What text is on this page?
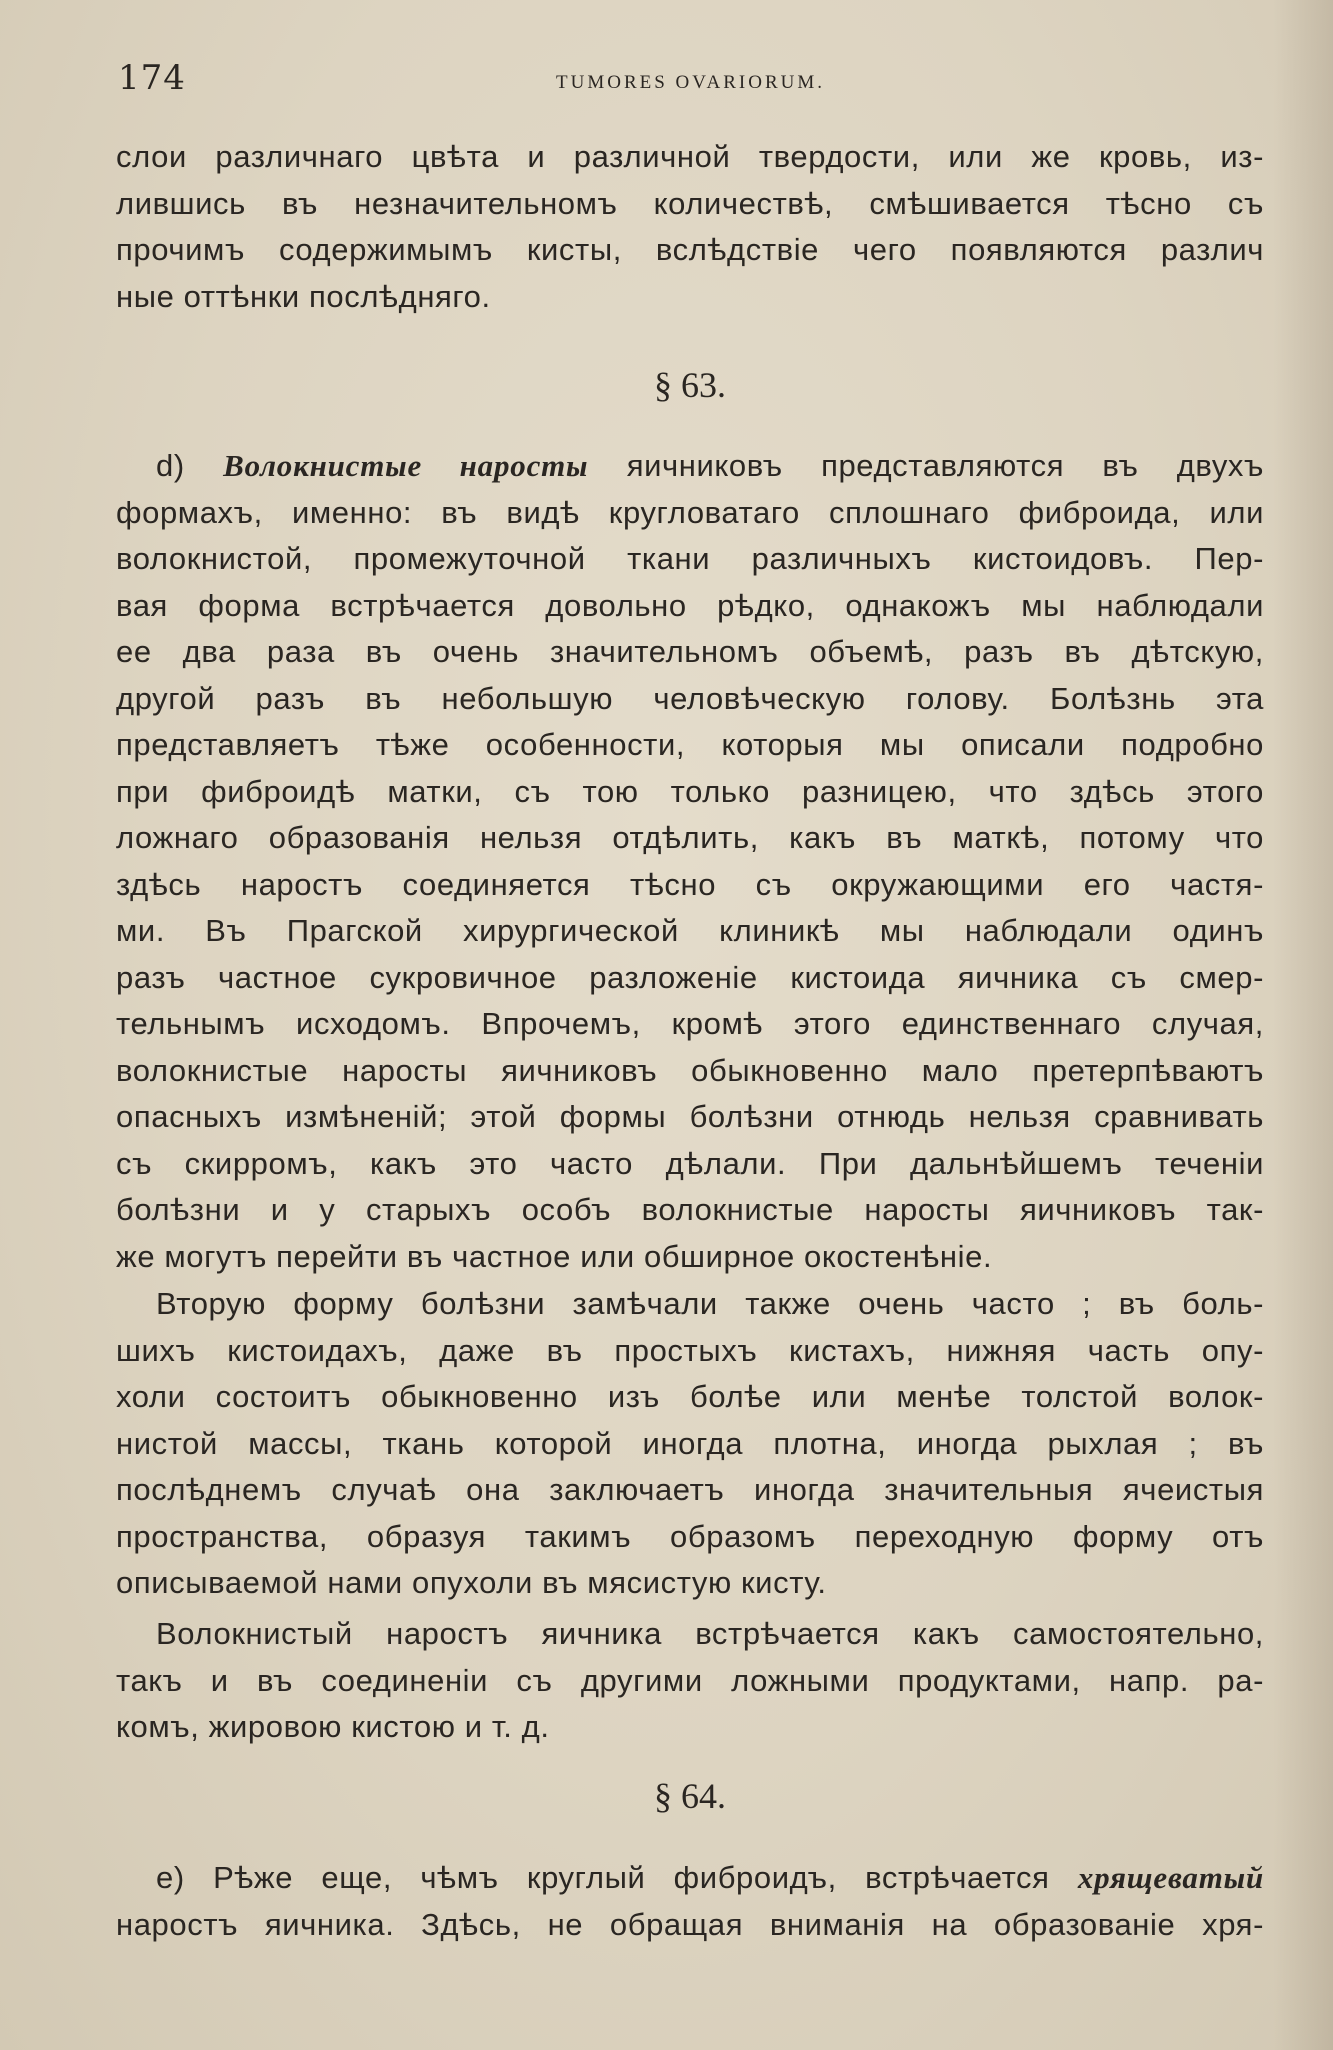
174	TUMORES OVARIORUM.
слои различнаго цвѣта и различной твердости, или же кровь, из-
лившись въ незначительномъ количествѣ, смѣшивается тѣсно съ
прочимъ содержимымъ кисты, вслѣдствіе чего появляются различ
ные оттѣнки послѣдняго.
§ 63.
d) Волокнистые наросты яичниковъ представляются въ двухъ
формахъ, именно: въ видѣ кругловатаго сплошнаго фиброида, или
волокнистой, промежуточной ткани различныхъ кистоидовъ. Пер-
вая форма встрѣчается довольно рѣдко, однакожъ мы наблюдали
ее два раза въ очень значительномъ объемѣ, разъ въ дѣтскую,
другой разъ въ небольшую человѣческую голову. Болѣзнь эта
представляетъ тѣже особенности, которыя мы описали подробно
при фиброидѣ матки, съ тою только разницею, что здѣсь этого
ложнаго образованія нельзя отдѣлить, какъ въ маткѣ, потому что
здѣсь наростъ соединяется тѣсно съ окружающими его частя-
ми. Въ Прагской хирургической клиникѣ мы наблюдали одинъ
разъ частное сукровичное разложеніе кистоида яичника съ смер-
тельнымъ исходомъ. Впрочемъ, кромѣ этого единственнаго случая,
волокнистые наросты яичниковъ обыкновенно мало претерпѣваютъ
опасныхъ измѣненій; этой формы болѣзни отнюдь нельзя сравнивать
съ скирромъ, какъ это часто дѣлали. При дальнѣйшемъ теченіи
болѣзни и у старыхъ особъ волокнистые наросты яичниковъ так-
же могутъ перейти въ частное или обширное окостенѣніе.
Вторую форму болѣзни замѣчали также очень часто ; въ боль-
шихъ кистоидахъ, даже въ простыхъ кистахъ, нижняя часть опу-
холи состоитъ обыкновенно изъ болѣе или менѣе толстой волок-
нистой массы, ткань которой иногда плотна, иногда рыхлая ; въ
послѣднемъ случаѣ она заключаетъ иногда значительныя ячеистыя
пространства, образуя такимъ образомъ переходную форму отъ
описываемой нами опухоли въ мясистую кисту.
Волокнистый наростъ яичника встрѣчается какъ самостоятельно,
такъ и въ соединеніи съ другими ложными продуктами, напр. ра-
комъ, жировою кистою и т. д.
§ 64.
е) Рѣже еще, чѣмъ круглый фиброидъ, встрѣчается хрящеватый
наростъ яичника. Здѣсь, не обращая вниманія на образованіе хря-
